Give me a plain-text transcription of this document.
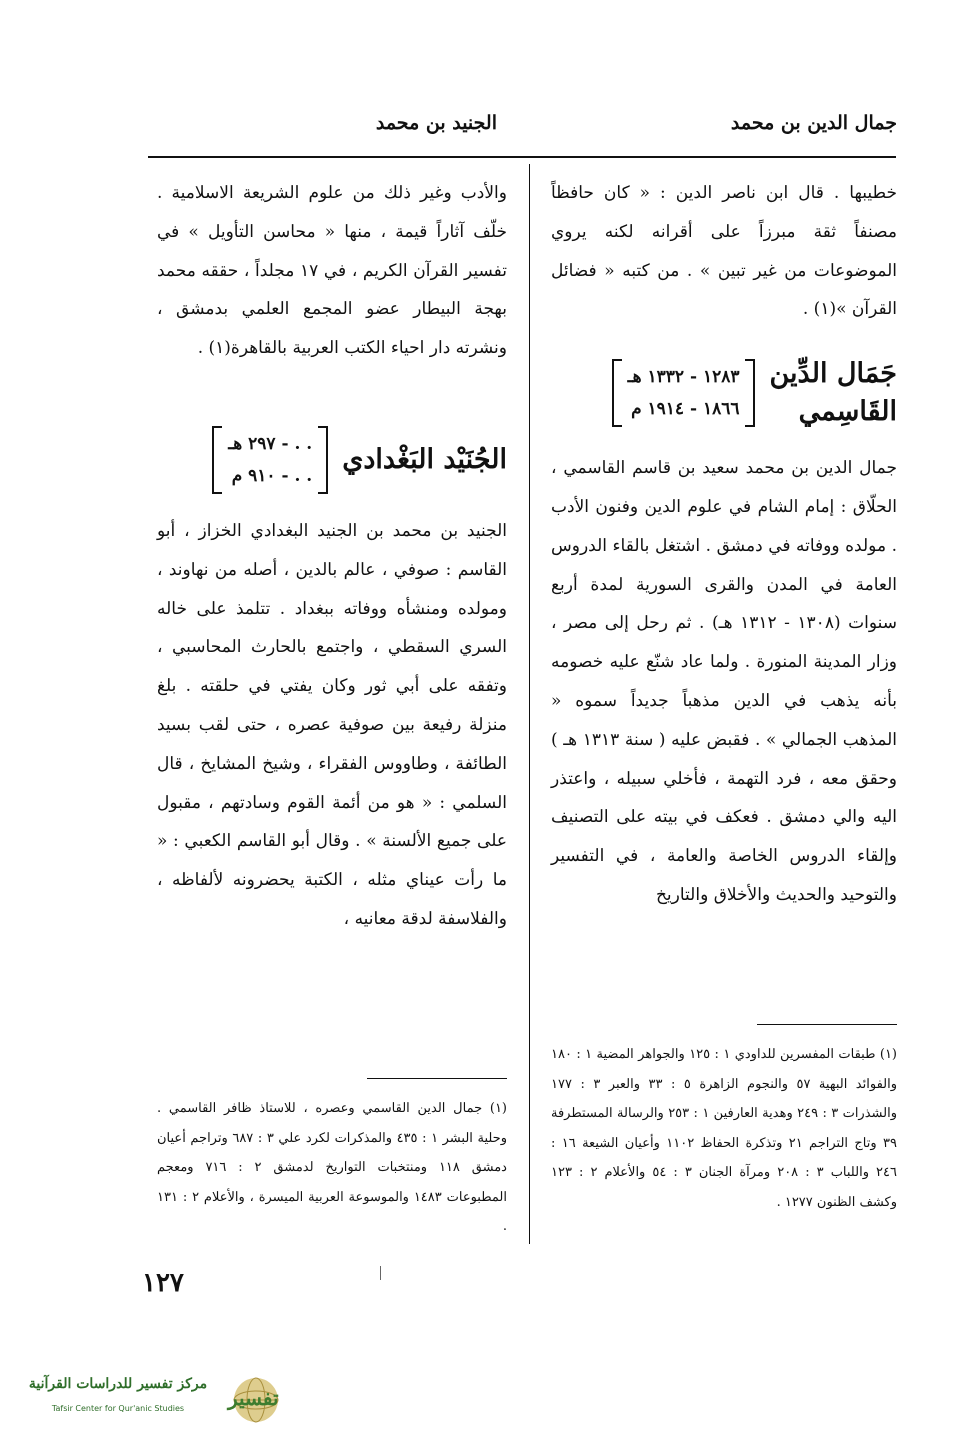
جمال الدين بن محمد
الجنيد بن محمد

خطيبها . قال ابن ناصر الدين : « كان حافظاً مصنفاً ثقة مبرزاً على أقرانه لكنه يروي الموضوعات من غير تبين » . من كتبه « فضائل القرآن »(١) .

جَمَال الدِّين
القَاسِمي
١٢٨٣ - ١٣٣٢ هـ
١٨٦٦ - ١٩١٤ م

جمال الدين بن محمد سعيد بن قاسم القاسمي ، الحلّاق : إمام الشام في علوم الدين وفنون الأدب . مولده ووفاته في دمشق . اشتغل بالقاء الدروس العامة في المدن والقرى السورية لمدة أربع سنوات (١٣٠٨ - ١٣١٢ هـ) . ثم رحل إلى مصر ، وزار المدينة المنورة . ولما عاد شنّع عليه خصومه بأنه يذهب في الدين مذهباً جديداً سموه « المذهب الجمالي » . فقبض عليه ( سنة ١٣١٣ هـ ) وحقق معه ، فرد التهمة ، فأخلي سبيله ، واعتذر اليه والي دمشق . فعكف في بيته على التصنيف وإلقاء الدروس الخاصة والعامة ، في التفسير والتوحيد والحديث والأخلاق والتاريخ

والأدب وغير ذلك من علوم الشريعة الاسلامية . خلّف آثاراً قيمة ، منها « محاسن التأويل » في تفسير القرآن الكريم ، في ١٧ مجلداً ، حققه محمد بهجة البيطار عضو المجمع العلمي بدمشق ، ونشرته دار احياء الكتب العربية بالقاهرة(١) .

الجُنَيْد البَغْدادي
. . - ٢٩٧ هـ
. . - ٩١٠ م

الجنيد بن محمد بن الجنيد البغدادي الخزاز ، أبو القاسم : صوفي ، عالم بالدين ، أصله من نهاوند ، ومولده ومنشأه ووفاته ببغداد . تتلمذ على خاله السري السقطي ، واجتمع بالحارث المحاسبي ، وتفقه على أبي ثور وكان يفتي في حلقته . بلغ منزلة رفيعة بين صوفية عصره ، حتى لقب بسيد الطائفة ، وطاووس الفقراء ، وشيخ المشايخ ، قال السلمي : « هو من أئمة القوم وسادتهم ، مقبول على جميع الألسنة » . وقال أبو القاسم الكعبي : « ما رأت عيناي مثله ، الكتبة يحضرونه لألفاظه ، والفلاسفة لدقة معانيه ،

(١) طبقات المفسرين للداودي ١ : ١٢٥ والجواهر المضية ١ : ١٨٠ والفوائد البهية ٥٧ والنجوم الزاهرة ٥ : ٣٣ والعبر ٣ : ١٧٧ والشذرات ٣ : ٢٤٩ وهدية العارفين ١ : ٢٥٣ والرسالة المستطرفة ٣٩ وتاج التراجم ٢١ وتذكرة الحفاظ ١١٠٢ وأعيان الشيعة ١٦ : ٢٤٦ واللباب ٣ : ٢٠٨ ومرآة الجنان ٣ : ٥٤ والأعلام ٢ : ١٢٣ وكشف الظنون ١٢٧٧ .

(١) جمال الدين القاسمي وعصره ، للاستاذ ظافر القاسمي . وحلية البشر ١ : ٤٣٥ والمذكرات لكرد علي ٣ : ٦٨٧ وتراجم أعيان دمشق ١١٨ ومنتخبات التواريخ لدمشق ٢ : ٧١٦ ومعجم المطبوعات ١٤٨٣ والموسوعة العربية الميسرة ، والأعلام ٢ : ١٣١ .

١٢٧
مركز تفسير للدراسات القرآنية
Tafsir Center for Qur'anic Studies	تفسير
